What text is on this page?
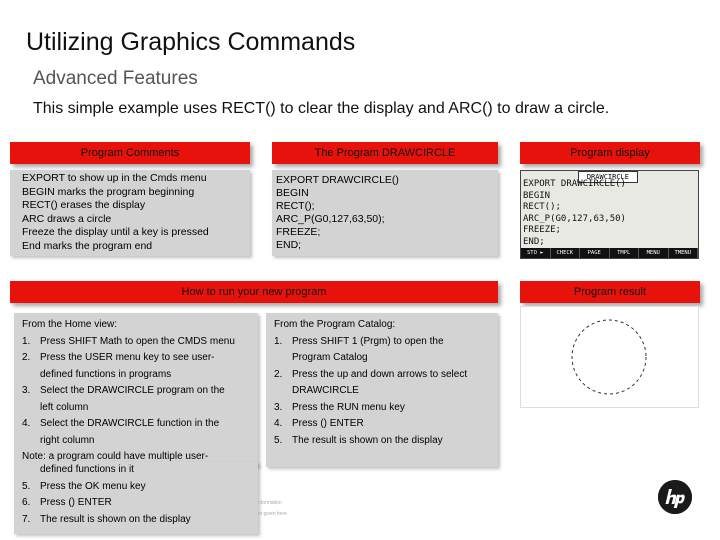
Utilizing Graphics Commands
Advanced Features
This simple example uses RECT() to clear the display and ARC() to draw a circle.
Program Comments
EXPORT to show up in the Cmds menu
BEGIN marks the program beginning
RECT() erases the display
ARC draws a circle
Freeze the display until a key is pressed
End marks the program end
The Program DRAWCIRCLE
EXPORT DRAWCIRCLE()
BEGIN
RECT();
ARC_P(G0,127,63,50);
FREEZE;
END;
Program display
DRAWCIRCLE
EXPORT DRAWCIRCLE()
BEGIN
RECT();
ARC_P(G0,127,63,50)
FREEZE;
END;
STO ►	CHECK	PAGE	TMPL	MENU	TMENU
How to run your new program
From the Home view:
1. Press SHIFT Math to open the CMDS menu
2. Press the USER menu key to see user-
defined functions in programs
3. Select the DRAWCIRCLE program on the
left column
4. Select the DRAWCIRCLE function in the
right column
Note: a program could have multiple user-
defined functions in it
5. Press the OK menu key
6. Press () ENTER
7. The result is shown on the display
From the Program Catalog:
1. Press SHIFT 1 (Prgm) to open the
Program Catalog
2. Press the up and down arrows to select
DRAWCIRCLE
3. Press the RUN menu key
4. Press () ENTER
5. The result is shown on the display
Program result
nformation
et given here
